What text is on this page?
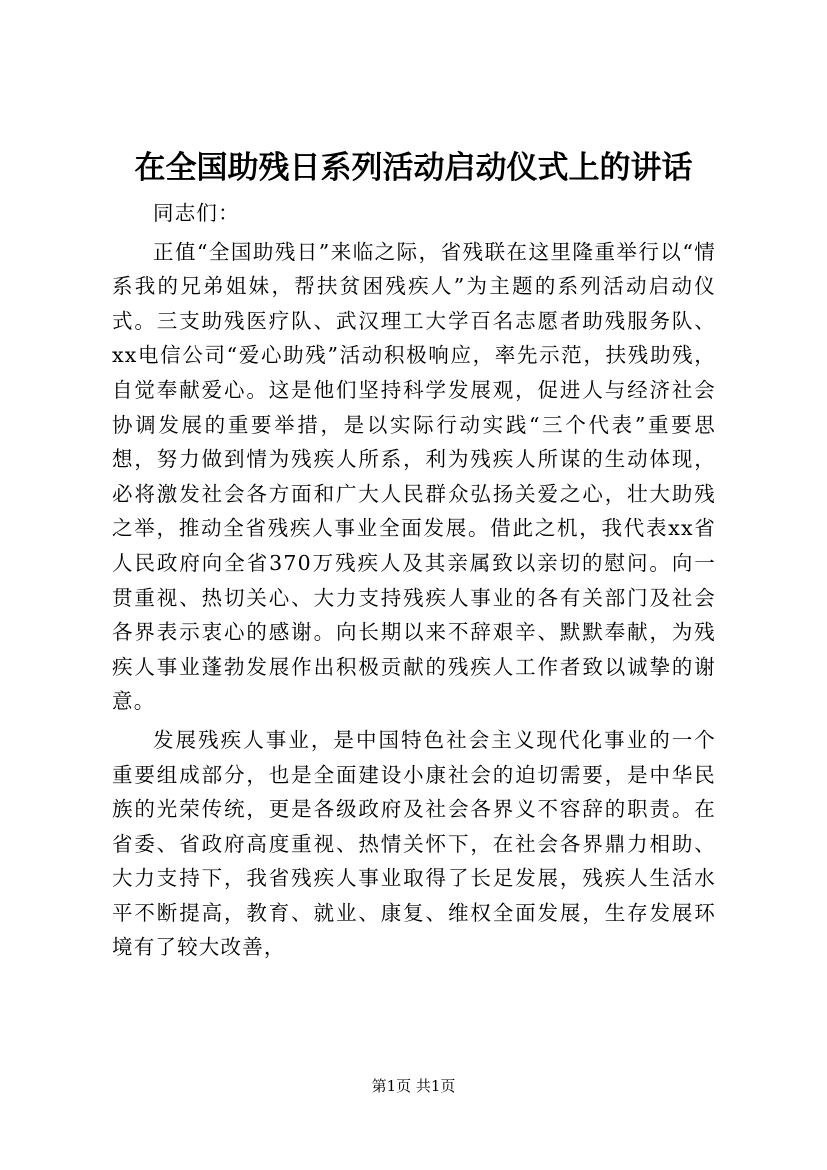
在全国助残日系列活动启动仪式上的讲话

同志们：

正值“全国助残日”来临之际，省残联在这里隆重举行以“情系我的兄弟姐妹，帮扶贫困残疾人”为主题的系列活动启动仪式。三支助残医疗队、武汉理工大学百名志愿者助残服务队、xx电信公司“爱心助残”活动积极响应，率先示范，扶残助残，自觉奉献爱心。这是他们坚持科学发展观，促进人与经济社会协调发展的重要举措，是以实际行动实践“三个代表”重要思想，努力做到情为残疾人所系，利为残疾人所谋的生动体现，必将激发社会各方面和广大人民群众弘扬关爱之心，壮大助残之举，推动全省残疾人事业全面发展。借此之机，我代表xx省人民政府向全省370万残疾人及其亲属致以亲切的慰问。向一贯重视、热切关心、大力支持残疾人事业的各有关部门及社会各界表示衷心的感谢。向长期以来不辞艰辛、默默奉献，为残疾人事业蓬勃发展作出积极贡献的残疾人工作者致以诚挚的谢意。

发展残疾人事业，是中国特色社会主义现代化事业的一个重要组成部分，也是全面建设小康社会的迫切需要，是中华民族的光荣传统，更是各级政府及社会各界义不容辞的职责。在省委、省政府高度重视、热情关怀下，在社会各界鼎力相助、大力支持下，我省残疾人事业取得了长足发展，残疾人生活水平不断提高，教育、就业、康复、维权全面发展，生存发展环境有了较大改善，

第1页 共1页
